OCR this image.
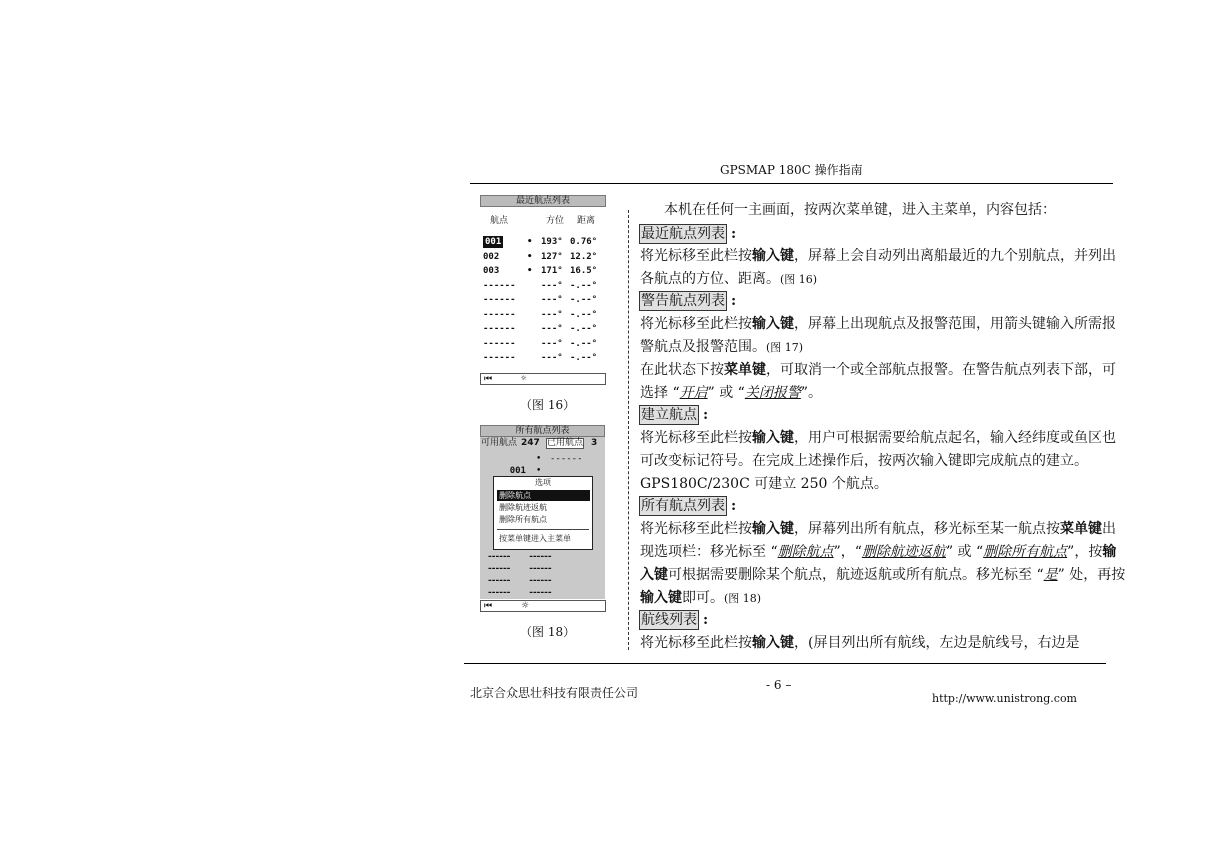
GPSMAP 180C 操作指南
- 6 –
北京合众思壮科技有限责任公司	http://www.unistrong.com
最近航点列表
航点	方位 距离
001	• 193° 0.76°
002	• 127° 12.2°
003	• 171° 16.5°
------	---° -.--°
------	---° -.--°
------	---° -.--°
------	---° -.--°
------	---° -.--°
------	---° -.--°
⏮	☼
（图 16）
所有航点列表
可用航点 247 已用航点 3

001

• ------

•
------      ------
------      ------
------      ------
------      ------
⏮	☼
选项
删除航点
删除航迹返航
删除所有航点
按菜单键进入主菜单
（图 18）
本机在任何一主画面，按两次菜单键，进入主菜单，内容包括：
最近航点列表 :
将光标移至此栏按输入键，屏幕上会自动列出离船最近的九个别航点，并列出各航点的方位、距离。(图 16)
警告航点列表 :
将光标移至此栏按输入键，屏幕上出现航点及报警范围，用箭头键输入所需报警航点及报警范围。(图 17)
在此状态下按菜单键，可取消一个或全部航点报警。在警告航点列表下部，可选择 “开启” 或 “关闭报警”。
建立航点 :
将光标移至此栏按输入键，用户可根据需要给航点起名，输入经纬度或鱼区也可改变标记符号。在完成上述操作后，按两次输入键即完成航点的建立。GPS180C/230C 可建立 250 个航点。
所有航点列表 :
将光标移至此栏按输入键，屏幕列出所有航点，移光标至某一航点按菜单键出现选项栏：移光标至 “删除航点”，“删除航迹返航” 或 “删除所有航点”，按输入键可根据需要删除某个航点，航迹返航或所有航点。移光标至 “是” 处，再按输入键即可。(图 18)
航线列表 :
将光标移至此栏按输入键，(屏目列出所有航线，左边是航线号，右边是
